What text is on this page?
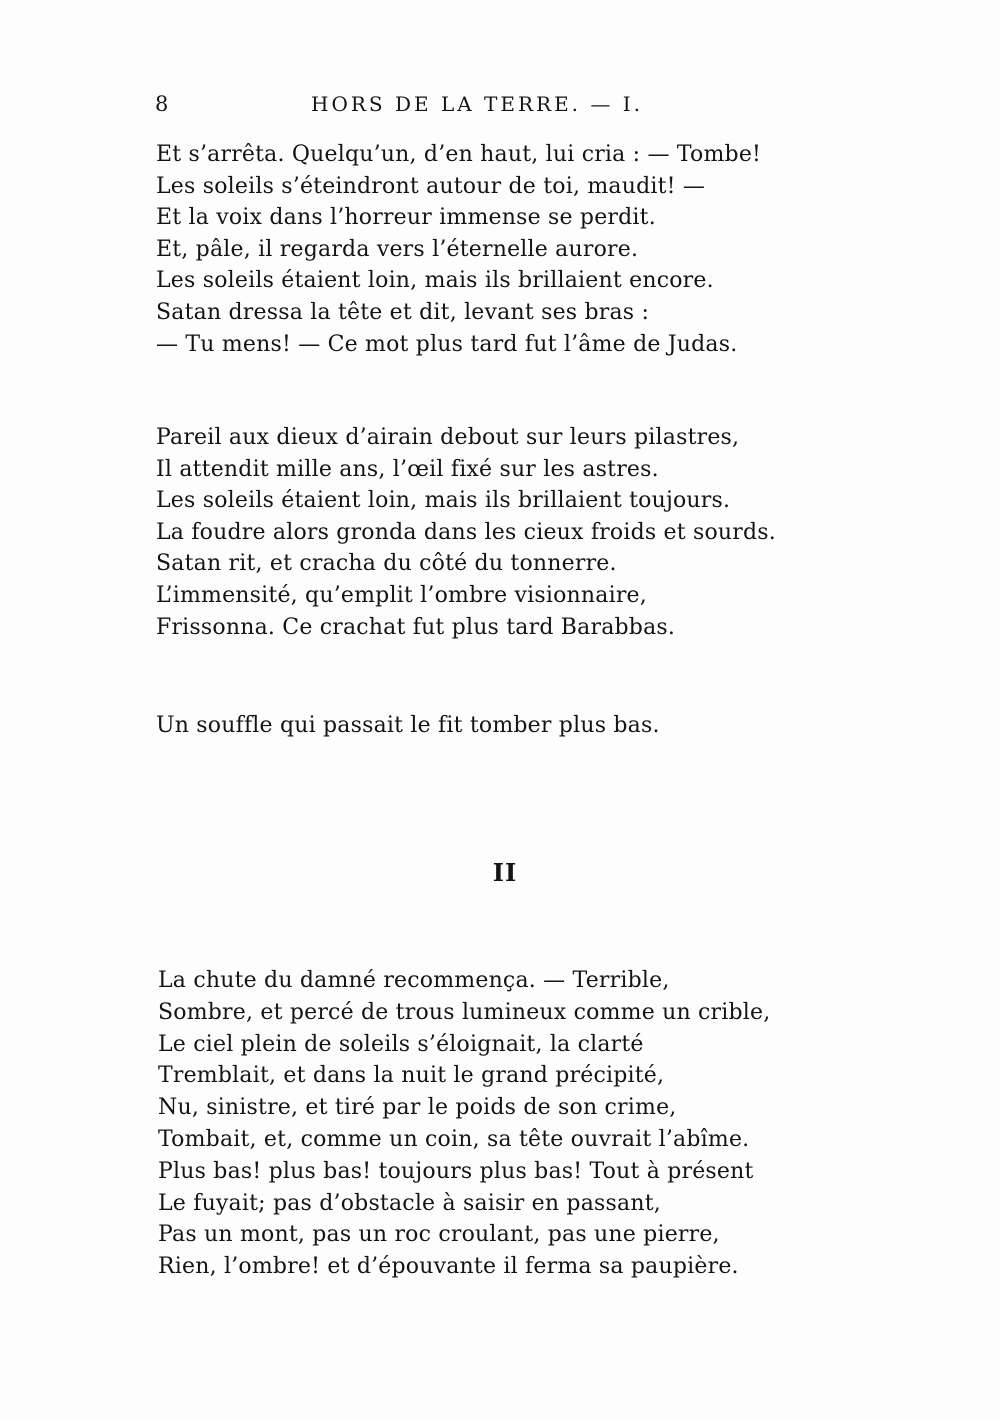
8	HORS DE LA TERRE. — I.
Et s’arrêta. Quelqu’un, d’en haut, lui cria : — Tombe!
Les soleils s’éteindront autour de toi, maudit! —
Et la voix dans l’horreur immense se perdit.
Et, pâle, il regarda vers l’éternelle aurore.
Les soleils étaient loin, mais ils brillaient encore.
Satan dressa la tête et dit, levant ses bras :
— Tu mens! — Ce mot plus tard fut l’âme de Judas.
Pareil aux dieux d’airain debout sur leurs pilastres,
Il attendit mille ans, l’œil fixé sur les astres.
Les soleils étaient loin, mais ils brillaient toujours.
La foudre alors gronda dans les cieux froids et sourds.
Satan rit, et cracha du côté du tonnerre.
L’immensité, qu’emplit l’ombre visionnaire,
Frissonna. Ce crachat fut plus tard Barabbas.
Un souffle qui passait le fit tomber plus bas.
II
La chute du damné recommença. — Terrible,
Sombre, et percé de trous lumineux comme un crible,
Le ciel plein de soleils s’éloignait, la clarté
Tremblait, et dans la nuit le grand précipité,
Nu, sinistre, et tiré par le poids de son crime,
Tombait, et, comme un coin, sa tête ouvrait l’abîme.
Plus bas! plus bas! toujours plus bas! Tout à présent
Le fuyait; pas d’obstacle à saisir en passant,
Pas un mont, pas un roc croulant, pas une pierre,
Rien, l’ombre! et d’épouvante il ferma sa paupière.
